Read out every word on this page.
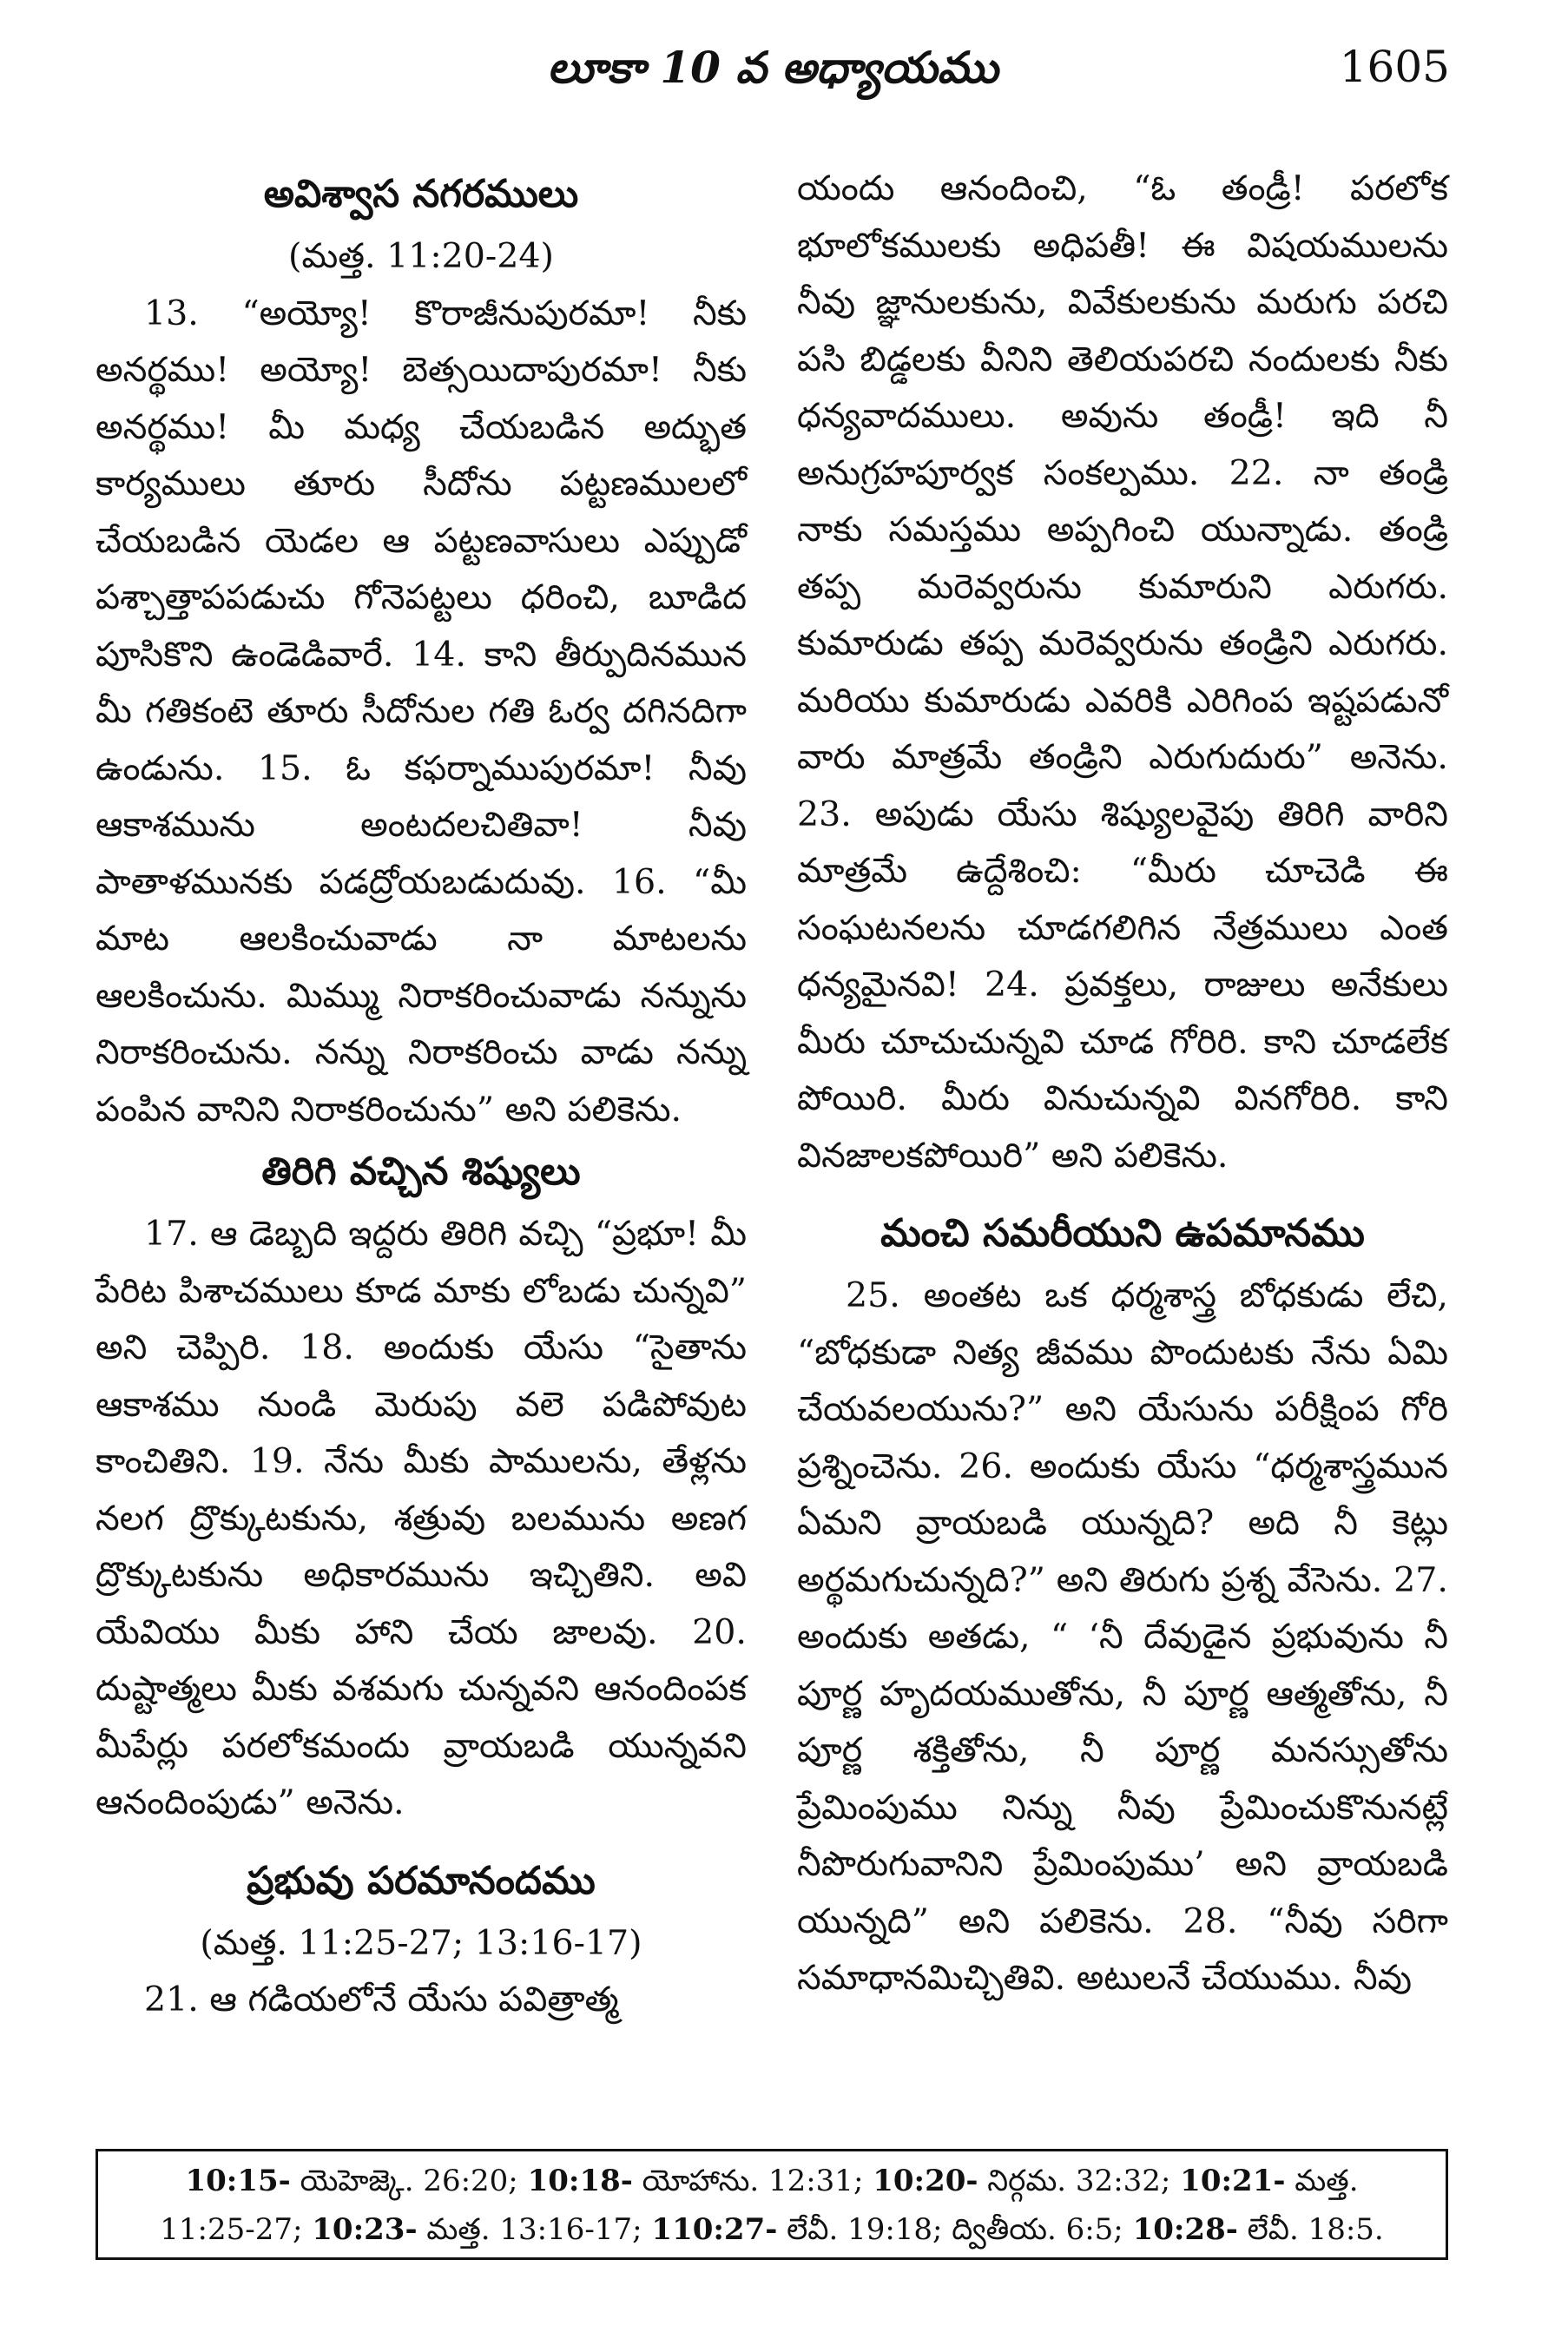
లూకా 10 వ అధ్యాయము	1605
అవిశ్వాస నగరములు

(మత్త. 11:20-24)

13. “అయ్యో! కొరాజీనుపురమా! నీకు అనర్థము! అయ్యో! బెత్సయిదాపురమా! నీకు అనర్థము! మీ మధ్య చేయబడిన అద్భుత కార్యములు తూరు సీదోను పట్టణములలో చేయబడిన యెడల ఆ పట్టణవాసులు ఎప్పుడో పశ్చాత్తాపపడుచు గోనెపట్టలు ధరించి, బూడిద పూసికొని ఉండెడివారే. 14. కాని తీర్పుదినమున మీ గతికంటె తూరు సీదోనుల గతి ఓర్వ దగినదిగా ఉండును. 15. ఓ కఫర్నాముపురమా! నీవు ఆకాశమును అంటదలచితివా! నీవు పాతాళమునకు పడద్రోయబడుదువు. 16. “మీ మాట ఆలకించువాడు నా మాటలను ఆలకించును. మిమ్ము నిరాకరించువాడు నన్నును నిరాకరించును. నన్ను నిరాకరించు వాడు నన్ను పంపిన వానిని నిరాకరించును” అని పలికెను.

తిరిగి వచ్చిన శిష్యులు

17. ఆ డెబ్బది ఇద్దరు తిరిగి వచ్చి “ప్రభూ! మీ పేరిట పిశాచములు కూడ మాకు లోబడు చున్నవి” అని చెప్పిరి. 18. అందుకు యేసు “సైతాను ఆకాశము నుండి మెరుపు వలె పడిపోవుట కాంచితిని. 19. నేను మీకు పాములను, తేళ్లను నలగ ద్రొక్కుటకును, శత్రువు బలమును అణగ ద్రొక్కుటకును అధికారమును ఇచ్చితిని. అవి యేవియు మీకు హాని చేయ జాలవు. 20. దుష్టాత్మలు మీకు వశమగు చున్నవని ఆనందింపక మీపేర్లు పరలోకమందు వ్రాయబడి యున్నవని ఆనందింపుడు” అనెను.

ప్రభువు పరమానందము

(మత్త. 11:25-27; 13:16-17)

21. ఆ గడియలోనే యేసు పవిత్రాత్మ

యందు ఆనందించి, “ఓ తండ్రీ! పరలోక భూలోకములకు అధిపతీ! ఈ విషయములను నీవు జ్ఞానులకును, వివేకులకును మరుగు పరచి పసి బిడ్డలకు వీనిని తెలియపరచి నందులకు నీకు ధన్యవాదములు. అవును తండ్రీ! ఇది నీ అనుగ్రహపూర్వక సంకల్పము. 22. నా తండ్రి నాకు సమస్తము అప్పగించి యున్నాడు. తండ్రి తప్ప మరెవ్వరును కుమారుని ఎరుగరు. కుమారుడు తప్ప మరెవ్వరును తండ్రిని ఎరుగరు. మరియు కుమారుడు ఎవరికి ఎరిగింప ఇష్టపడునో వారు మాత్రమే తండ్రిని ఎరుగుదురు” అనెను. 23. అపుడు యేసు శిష్యులవైపు తిరిగి వారిని మాత్రమే ఉద్దేశించి: “మీరు చూచెడి ఈ సంఘటనలను చూడగలిగిన నేత్రములు ఎంత ధన్యమైనవి! 24. ప్రవక్తలు, రాజులు అనేకులు మీరు చూచుచున్నవి చూడ గోరిరి. కాని చూడలేక పోయిరి. మీరు వినుచున్నవి వినగోరిరి. కాని వినజాలకపోయిరి” అని పలికెను.

మంచి సమరీయుని ఉపమానము

25. అంతట ఒక ధర్మశాస్త్ర బోధకుడు లేచి, “బోధకుడా నిత్య జీవము పొందుటకు నేను ఏమి చేయవలయును?” అని యేసును పరీక్షింప గోరి ప్రశ్నించెను. 26. అందుకు యేసు “ధర్మశాస్త్రమున ఏమని వ్రాయబడి యున్నది? అది నీ కెట్లు అర్థమగుచున్నది?” అని తిరుగు ప్రశ్న వేసెను. 27. అందుకు అతడు, “ ‘నీ దేవుడైన ప్రభువును నీ పూర్ణ హృదయముతోను, నీ పూర్ణ ఆత్మతోను, నీ పూర్ణ శక్తితోను, నీ పూర్ణ మనస్సుతోను ప్రేమింపుము నిన్ను నీవు ప్రేమించుకొనునట్లే నీపొరుగువానిని ప్రేమింపుము’ అని వ్రాయబడి యున్నది” అని పలికెను. 28. “నీవు సరిగా సమాధానమిచ్చితివి. అటులనే చేయుము. నీవు

10:15- యెహెజ్కె. 26:20; 10:18- యోహాను. 12:31; 10:20- నిర్గమ. 32:32; 10:21- మత్త.
11:25-27; 10:23- మత్త. 13:16-17; 110:27- లేవీ. 19:18; ద్వితీయ. 6:5; 10:28- లేవీ. 18:5.
